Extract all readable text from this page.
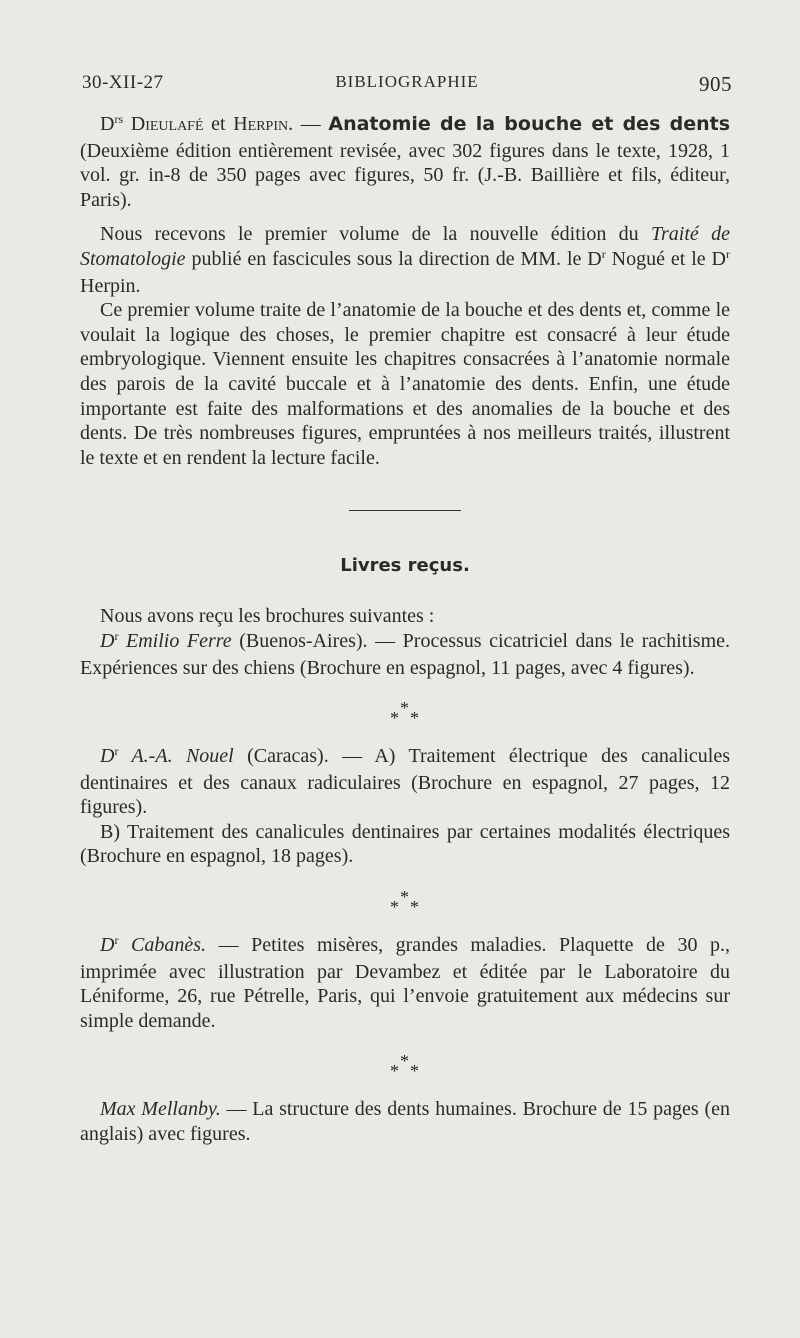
30-XII-27	BIBLIOGRAPHIE	905

$D^{rs}$ Dieulafé et Herpin. — Anatomie de la bouche et des dents (Deuxième édition entièrement revisée, avec 302 figures dans le texte, 1928, 1 vol. gr. in-8 de 350 pages avec figures, 50 fr. (J.-B. Baillière et fils, éditeur, Paris).

Nous recevons le premier volume de la nouvelle édition du Traité de Stomatologie publié en fascicules sous la direction de MM. le $D^r$ Nogué et le $D^r$ Herpin.

Ce premier volume traite de l’anatomie de la bouche et des dents et, comme le voulait la logique des choses, le premier chapitre est consacré à leur étude embryologique. Viennent ensuite les chapitres consacrées à l’anatomie normale des parois de la cavité buccale et à l’anatomie des dents. Enfin, une étude importante est faite des malformations et des anomalies de la bouche et des dents. De très nombreuses figures, empruntées à nos meilleurs traités, illustrent le texte et en rendent la lecture facile.

Livres reçus.

Nous avons reçu les brochures suivantes :

$D^r$ Emilio Ferre (Buenos-Aires). — Processus cicatriciel dans le rachitisme. Expériences sur des chiens (Brochure en espagnol, 11 pages, avec 4 figures).

*
* *

$D^r$ A.-A. Nouel (Caracas). — A) Traitement électrique des canalicules dentinaires et des canaux radiculaires (Brochure en espagnol, 27 pages, 12 figures).

B) Traitement des canalicules dentinaires par certaines modalités électriques (Brochure en espagnol, 18 pages).

*
* *

$D^r$ Cabanès. — Petites misères, grandes maladies. Plaquette de 30 p., imprimée avec illustration par Devambez et éditée par le Laboratoire du Léniforme, 26, rue Pétrelle, Paris, qui l’envoie gratuitement aux médecins sur simple demande.

*
* *

Max Mellanby. — La structure des dents humaines. Brochure de 15 pages (en anglais) avec figures.
